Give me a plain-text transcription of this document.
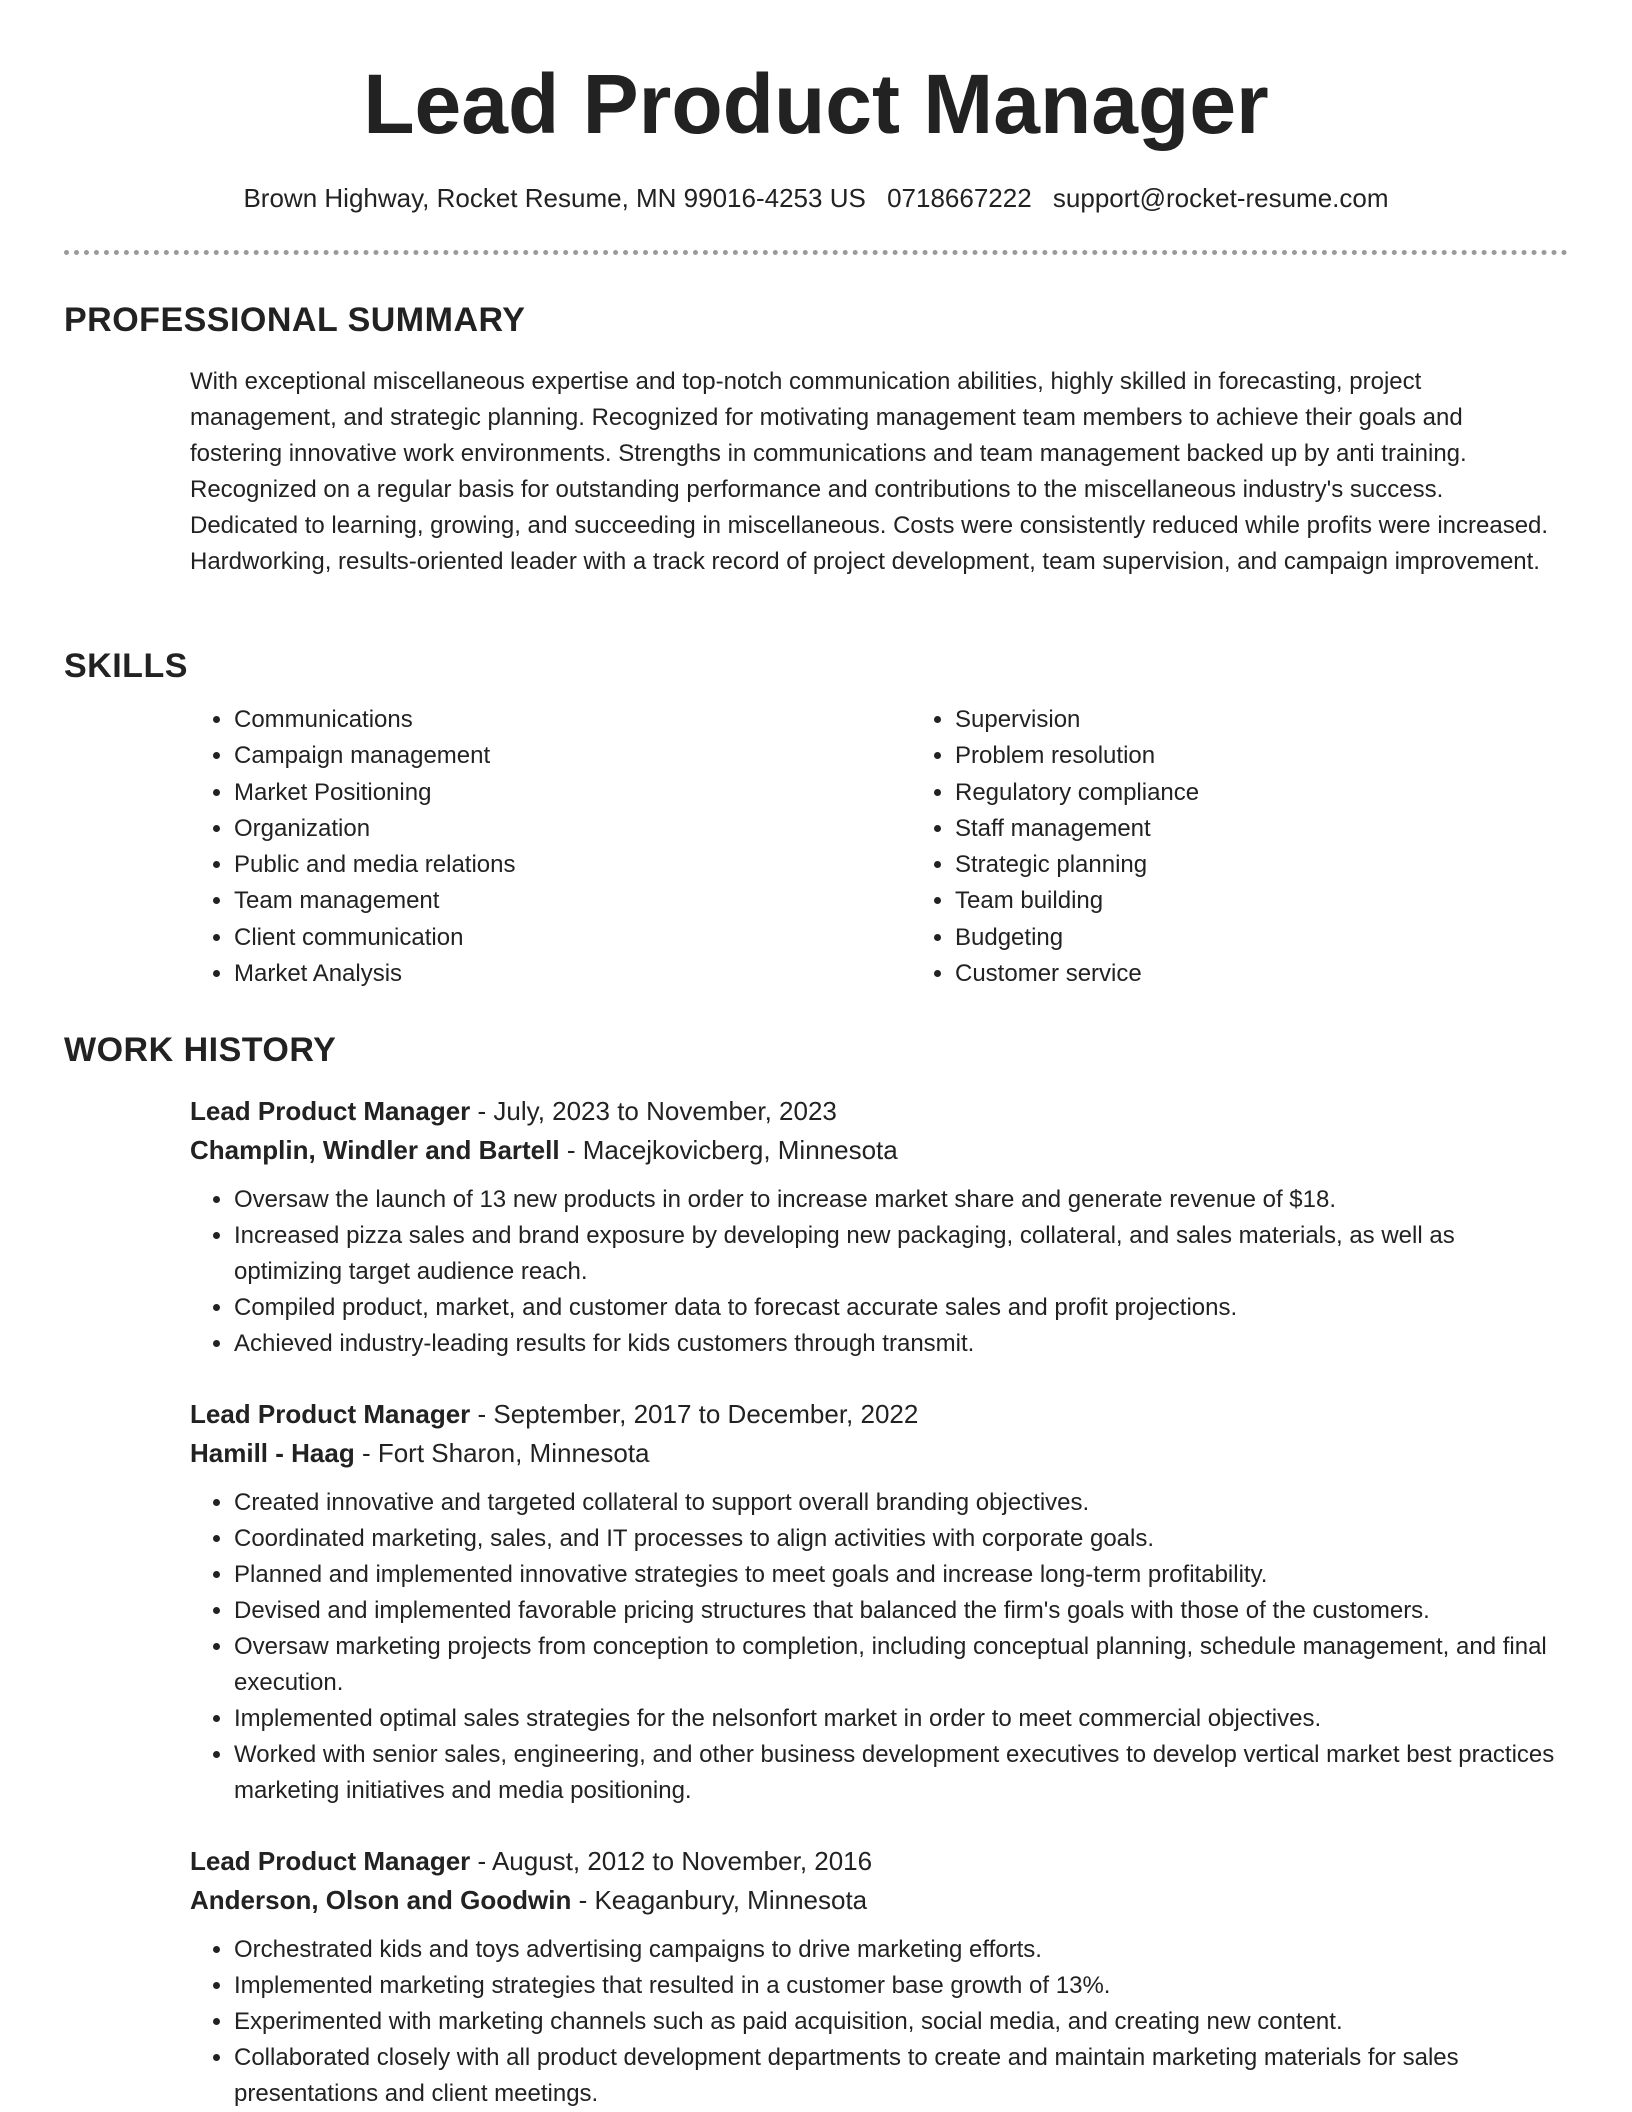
Lead Product Manager
Brown Highway, Rocket Resume, MN 99016-4253 US 0718667222 support@rocket-resume.com
PROFESSIONAL SUMMARY
With exceptional miscellaneous expertise and top-notch communication abilities, highly skilled in forecasting, project management, and strategic planning. Recognized for motivating management team members to achieve their goals and fostering innovative work environments. Strengths in communications and team management backed up by anti training. Recognized on a regular basis for outstanding performance and contributions to the miscellaneous industry's success. Dedicated to learning, growing, and succeeding in miscellaneous. Costs were consistently reduced while profits were increased. Hardworking, results-oriented leader with a track record of project development, team supervision, and campaign improvement.
SKILLS
• Communications
• Campaign management
• Market Positioning
• Organization
• Public and media relations
• Team management
• Client communication
• Market Analysis
• Supervision
• Problem resolution
• Regulatory compliance
• Staff management
• Strategic planning
• Team building
• Budgeting
• Customer service
WORK HISTORY
Lead Product Manager - July, 2023 to November, 2023
Champlin, Windler and Bartell - Macejkovicberg, Minnesota
• Oversaw the launch of 13 new products in order to increase market share and generate revenue of $18.
• Increased pizza sales and brand exposure by developing new packaging, collateral, and sales materials, as well as optimizing target audience reach.
• Compiled product, market, and customer data to forecast accurate sales and profit projections.
• Achieved industry-leading results for kids customers through transmit.
Lead Product Manager - September, 2017 to December, 2022
Hamill - Haag - Fort Sharon, Minnesota
• Created innovative and targeted collateral to support overall branding objectives.
• Coordinated marketing, sales, and IT processes to align activities with corporate goals.
• Planned and implemented innovative strategies to meet goals and increase long-term profitability.
• Devised and implemented favorable pricing structures that balanced the firm's goals with those of the customers.
• Oversaw marketing projects from conception to completion, including conceptual planning, schedule management, and final execution.
• Implemented optimal sales strategies for the nelsonfort market in order to meet commercial objectives.
• Worked with senior sales, engineering, and other business development executives to develop vertical market best practices marketing initiatives and media positioning.
Lead Product Manager - August, 2012 to November, 2016
Anderson, Olson and Goodwin - Keaganbury, Minnesota
• Orchestrated kids and toys advertising campaigns to drive marketing efforts.
• Implemented marketing strategies that resulted in a customer base growth of 13%.
• Experimented with marketing channels such as paid acquisition, social media, and creating new content.
• Collaborated closely with all product development departments to create and maintain marketing materials for sales presentations and client meetings.
